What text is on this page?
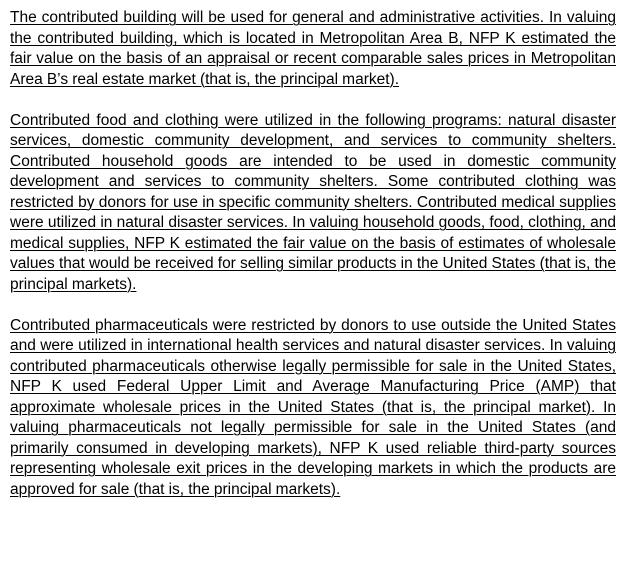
The contributed building will be used for general and administrative activities. In valuing the contributed building, which is located in Metropolitan Area B, NFP K estimated the fair value on the basis of an appraisal or recent comparable sales prices in Metropolitan Area B’s real estate market (that is, the principal market).

Contributed food and clothing were utilized in the following programs: natural disaster services, domestic community development, and services to community shelters. Contributed household goods are intended to be used in domestic community development and services to community shelters. Some contributed clothing was restricted by donors for use in specific community shelters. Contributed medical supplies were utilized in natural disaster services. In valuing household goods, food, clothing, and medical supplies, NFP K estimated the fair value on the basis of estimates of wholesale values that would be received for selling similar products in the United States (that is, the principal markets).

Contributed pharmaceuticals were restricted by donors to use outside the United States and were utilized in international health services and natural disaster services. In valuing contributed pharmaceuticals otherwise legally permissible for sale in the United States, NFP K used Federal Upper Limit and Average Manufacturing Price (AMP) that approximate wholesale prices in the United States (that is, the principal market). In valuing pharmaceuticals not legally permissible for sale in the United States (and primarily consumed in developing markets), NFP K used reliable third-party sources representing wholesale exit prices in the developing markets in which the products are approved for sale (that is, the principal markets).
